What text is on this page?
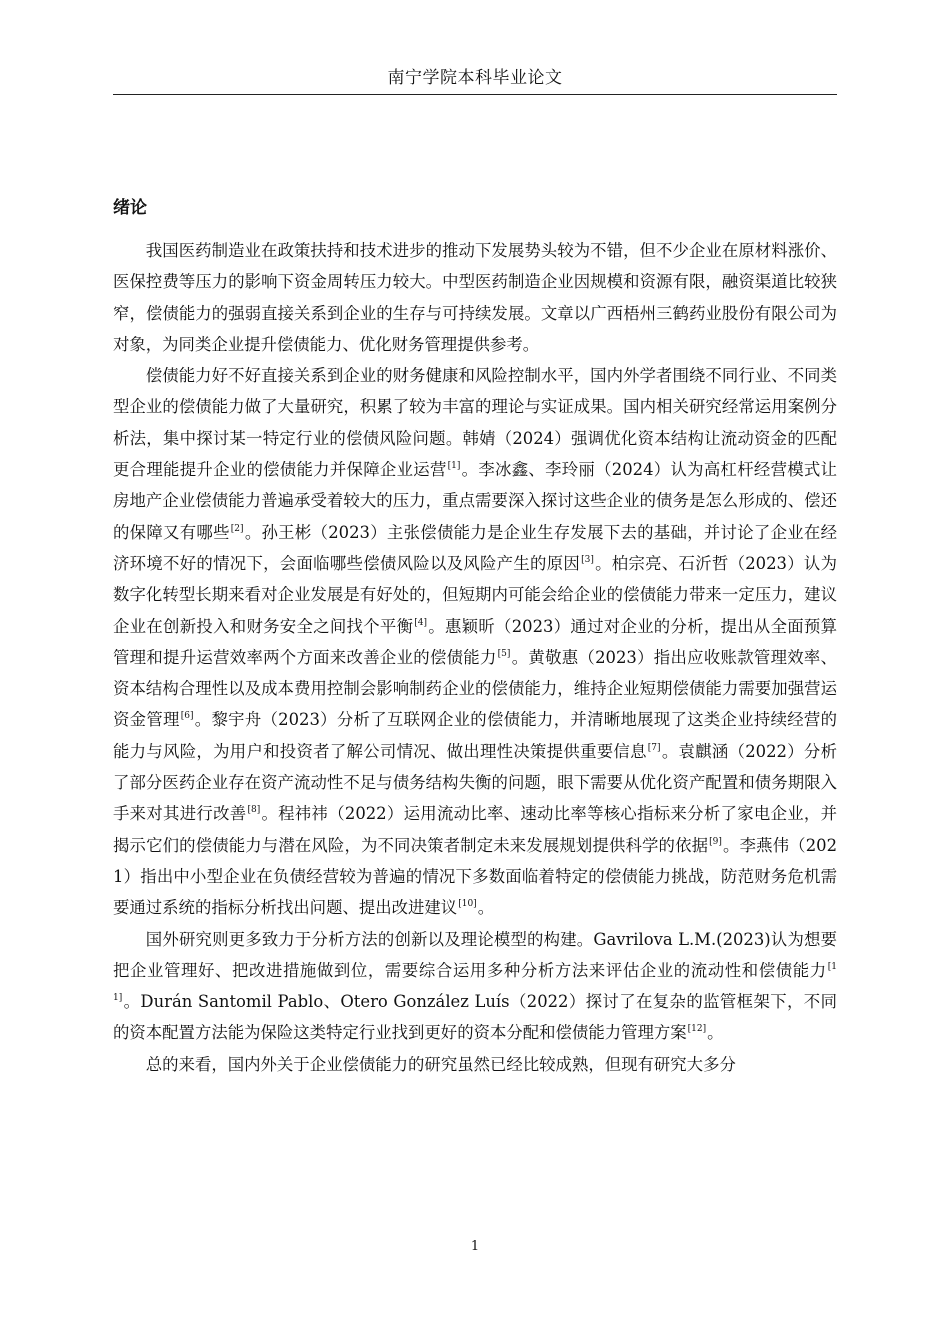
南宁学院本科毕业论文
绪论

我国医药制造业在政策扶持和技术进步的推动下发展势头较为不错，但不少企业在原材料涨价、医保控费等压力的影响下资金周转压力较大。中型医药制造企业因规模和资源有限，融资渠道比较狭窄，偿债能力的强弱直接关系到企业的生存与可持续发展。文章以广西梧州三鹤药业股份有限公司为对象，为同类企业提升偿债能力、优化财务管理提供参考。

偿债能力好不好直接关系到企业的财务健康和风险控制水平，国内外学者围绕不同行业、不同类型企业的偿债能力做了大量研究，积累了较为丰富的理论与实证成果。国内相关研究经常运用案例分析法，集中探讨某一特定行业的偿债风险问题。韩婧（2024）强调优化资本结构让流动资金的匹配更合理能提升企业的偿债能力并保障企业运营[1]。李冰鑫、李玲丽（2024）认为高杠杆经营模式让房地产企业偿债能力普遍承受着较大的压力，重点需要深入探讨这些企业的债务是怎么形成的、偿还的保障又有哪些[2]。孙王彬（2023）主张偿债能力是企业生存发展下去的基础，并讨论了企业在经济环境不好的情况下，会面临哪些偿债风险以及风险产生的原因[3]。柏宗亮、石沂哲（2023）认为数字化转型长期来看对企业发展是有好处的，但短期内可能会给企业的偿债能力带来一定压力，建议企业在创新投入和财务安全之间找个平衡[4]。惠颖昕（2023）通过对企业的分析，提出从全面预算管理和提升运营效率两个方面来改善企业的偿债能力[5]。黄敬惠（2023）指出应收账款管理效率、资本结构合理性以及成本费用控制会影响制药企业的偿债能力，维持企业短期偿债能力需要加强营运资金管理[6]。黎宇舟（2023）分析了互联网企业的偿债能力，并清晰地展现了这类企业持续经营的能力与风险，为用户和投资者了解公司情况、做出理性决策提供重要信息[7]。袁麒涵（2022）分析了部分医药企业存在资产流动性不足与债务结构失衡的问题，眼下需要从优化资产配置和债务期限入手来对其进行改善[8]。程祎祎（2022）运用流动比率、速动比率等核心指标来分析了家电企业，并揭示它们的偿债能力与潜在风险，为不同决策者制定未来发展规划提供科学的依据[9]。李燕伟（2021）指出中小型企业在负债经营较为普遍的情况下多数面临着特定的偿债能力挑战，防范财务危机需要通过系统的指标分析找出问题、提出改进建议[10]。

国外研究则更多致力于分析方法的创新以及理论模型的构建。Gavrilova L.M.(2023)认为想要把企业管理好、把改进措施做到位，需要综合运用多种分析方法来评估企业的流动性和偿债能力[11]。Durán Santomil Pablo、Otero González Luís（2022）探讨了在复杂的监管框架下，不同的资本配置方法能为保险这类特定行业找到更好的资本分配和偿债能力管理方案[12]。

总的来看，国内外关于企业偿债能力的研究虽然已经比较成熟，但现有研究大多分

1
